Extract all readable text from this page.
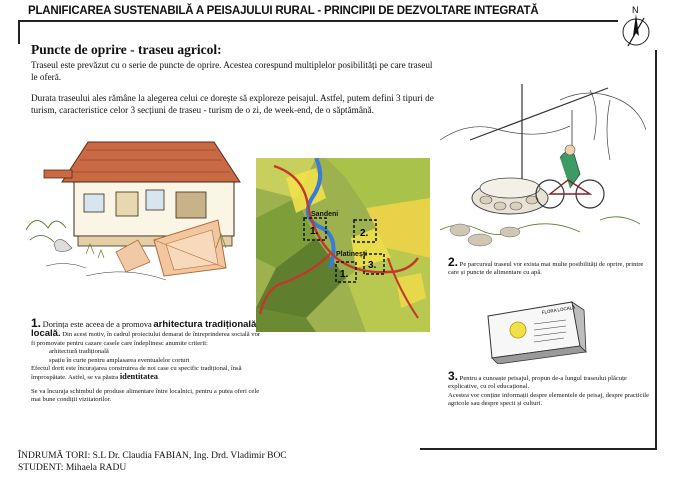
PLANIFICAREA SUSTENABILĂ A PEISAJULUI RURAL - PRINCIPII DE DEZVOLTARE INTEGRATĂ	N
Puncte de oprire - traseu agricol:

Traseul este prevăzut cu o serie de puncte de oprire. Acestea corespund multiplelor posibilități pe care traseul le oferă.

Durata traseului ales rămâne la alegerea celui ce dorește să exploreze peisajul. Astfel, putem defini 3 tipuri de turism, caracteristice celor 3 secțiuni de traseu - turism de o zi, de week-end, de o săptămână.

Sandeni
Platinești
1.	2.
1.
3.
FLORA LOCALĂ
1. Dorința este aceea de a promova arhitectura tradițională locală. Din acest motiv, în cadrul proiectului demarat de întreprinderea socială vor fi promovate pentru cazare casele care îndeplinesc anumite criterii:
arhitectură tradițională
spațiu în curte pentru amplasarea eventualelor corturi
Efectul dorit este încurajarea construirea de noi case cu specific tradițional, însă împrospătate. Astfel, se va păstra identitatea.
Se va încuraja schimbul de produse alimentare între localnici, pentru a putea oferi cele mai bune condiții vizitatorilor.
2. Pe parcursul traseul vor exista mai multe posibilități de oprire, printre care și puncte de alimentare cu apă.
3. Pentru a cunoaște peisajul, propun de-a lungul traseului plăcuțe explicative, cu rol educațional.
Acestea vor conține informații despre elementele de peisaj, despre practicile agricole sau despre specii și culturi.
ÎNDRUMĂ TORI: S.L Dr. Claudia FABIAN, Ing. Drd. Vladimir BOC
STUDENT: Mihaela RADU
